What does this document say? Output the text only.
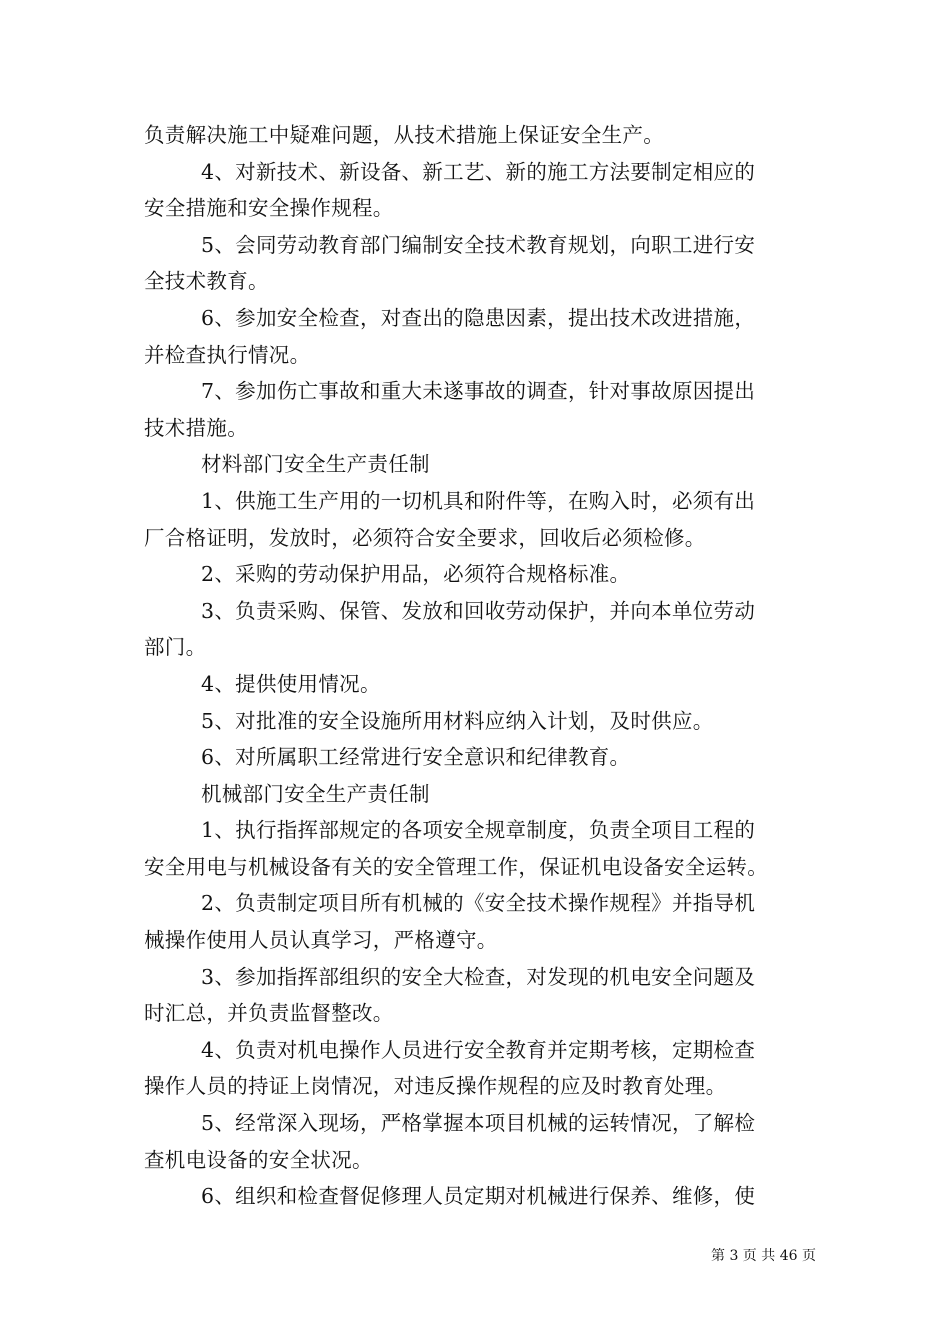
负责解决施工中疑难问题，从技术措施上保证安全生产。
4、对新技术、新设备、新工艺、新的施工方法要制定相应的
安全措施和安全操作规程。
5、会同劳动教育部门编制安全技术教育规划，向职工进行安
全技术教育。
6、参加安全检查，对查出的隐患因素，提出技术改进措施，
并检查执行情况。
7、参加伤亡事故和重大未遂事故的调查，针对事故原因提出
技术措施。
材料部门安全生产责任制
1、供施工生产用的一切机具和附件等，在购入时，必须有出
厂合格证明，发放时，必须符合安全要求，回收后必须检修。
2、采购的劳动保护用品，必须符合规格标准。
3、负责采购、保管、发放和回收劳动保护，并向本单位劳动
部门。
4、提供使用情况。
5、对批准的安全设施所用材料应纳入计划，及时供应。
6、对所属职工经常进行安全意识和纪律教育。
机械部门安全生产责任制
1、执行指挥部规定的各项安全规章制度，负责全项目工程的
安全用电与机械设备有关的安全管理工作，保证机电设备安全运转。
2、负责制定项目所有机械的《安全技术操作规程》并指导机
械操作使用人员认真学习，严格遵守。
3、参加指挥部组织的安全大检查，对发现的机电安全问题及
时汇总，并负责监督整改。
4、负责对机电操作人员进行安全教育并定期考核，定期检查
操作人员的持证上岗情况，对违反操作规程的应及时教育处理。
5、经常深入现场，严格掌握本项目机械的运转情况，了解检
查机电设备的安全状况。
6、组织和检查督促修理人员定期对机械进行保养、维修，使
第 3 页 共 46 页
